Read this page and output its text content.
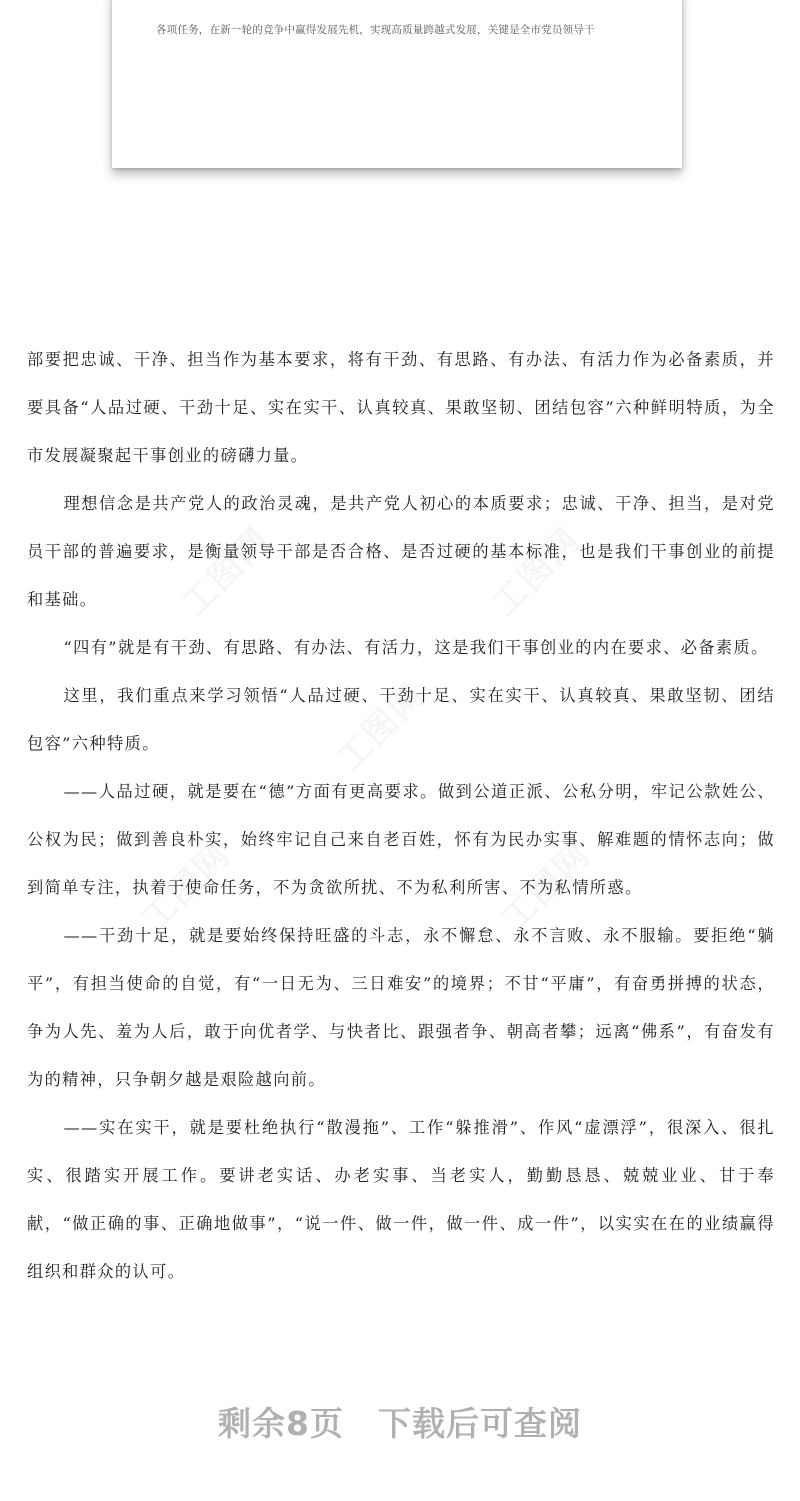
各项任务，在新一轮的竞争中赢得发展先机，实现高质量跨越式发展，关键是全市党员领导干
工图网	工图网
工图网
工图网	工图网

部要把忠诚、干净、担当作为基本要求，将有干劲、有思路、有办法、有活力作为必备素质，并要具备“人品过硬、干劲十足、实在实干、认真较真、果敢坚韧、团结包容”六种鲜明特质，为全市发展凝聚起干事创业的磅礴力量。

理想信念是共产党人的政治灵魂，是共产党人初心的本质要求；忠诚、干净、担当，是对党员干部的普遍要求，是衡量领导干部是否合格、是否过硬的基本标准，也是我们干事创业的前提和基础。

“四有”就是有干劲、有思路、有办法、有活力，这是我们干事创业的内在要求、必备素质。

这里，我们重点来学习领悟“人品过硬、干劲十足、实在实干、认真较真、果敢坚韧、团结包容”六种特质。

——人品过硬，就是要在“德”方面有更高要求。做到公道正派、公私分明，牢记公款姓公、公权为民；做到善良朴实，始终牢记自己来自老百姓，怀有为民办实事、解难题的情怀志向；做到简单专注，执着于使命任务，不为贪欲所扰、不为私利所害、不为私情所惑。

——干劲十足，就是要始终保持旺盛的斗志，永不懈怠、永不言败、永不服输。要拒绝“躺平”，有担当使命的自觉，有“一日无为、三日难安”的境界；不甘“平庸”，有奋勇拼搏的状态，争为人先、羞为人后，敢于向优者学、与快者比、跟强者争、朝高者攀；远离“佛系”，有奋发有为的精神，只争朝夕越是艰险越向前。

——实在实干，就是要杜绝执行“散漫拖”、工作“躲推滑”、作风“虚漂浮”，很深入、很扎实、很踏实开展工作。要讲老实话、办老实事、当老实人，勤勤恳恳、兢兢业业、甘于奉献，“做正确的事、正确地做事”，“说一件、做一件，做一件、成一件”，以实实在在的业绩赢得组织和群众的认可。

剩余8页 下载后可查阅
